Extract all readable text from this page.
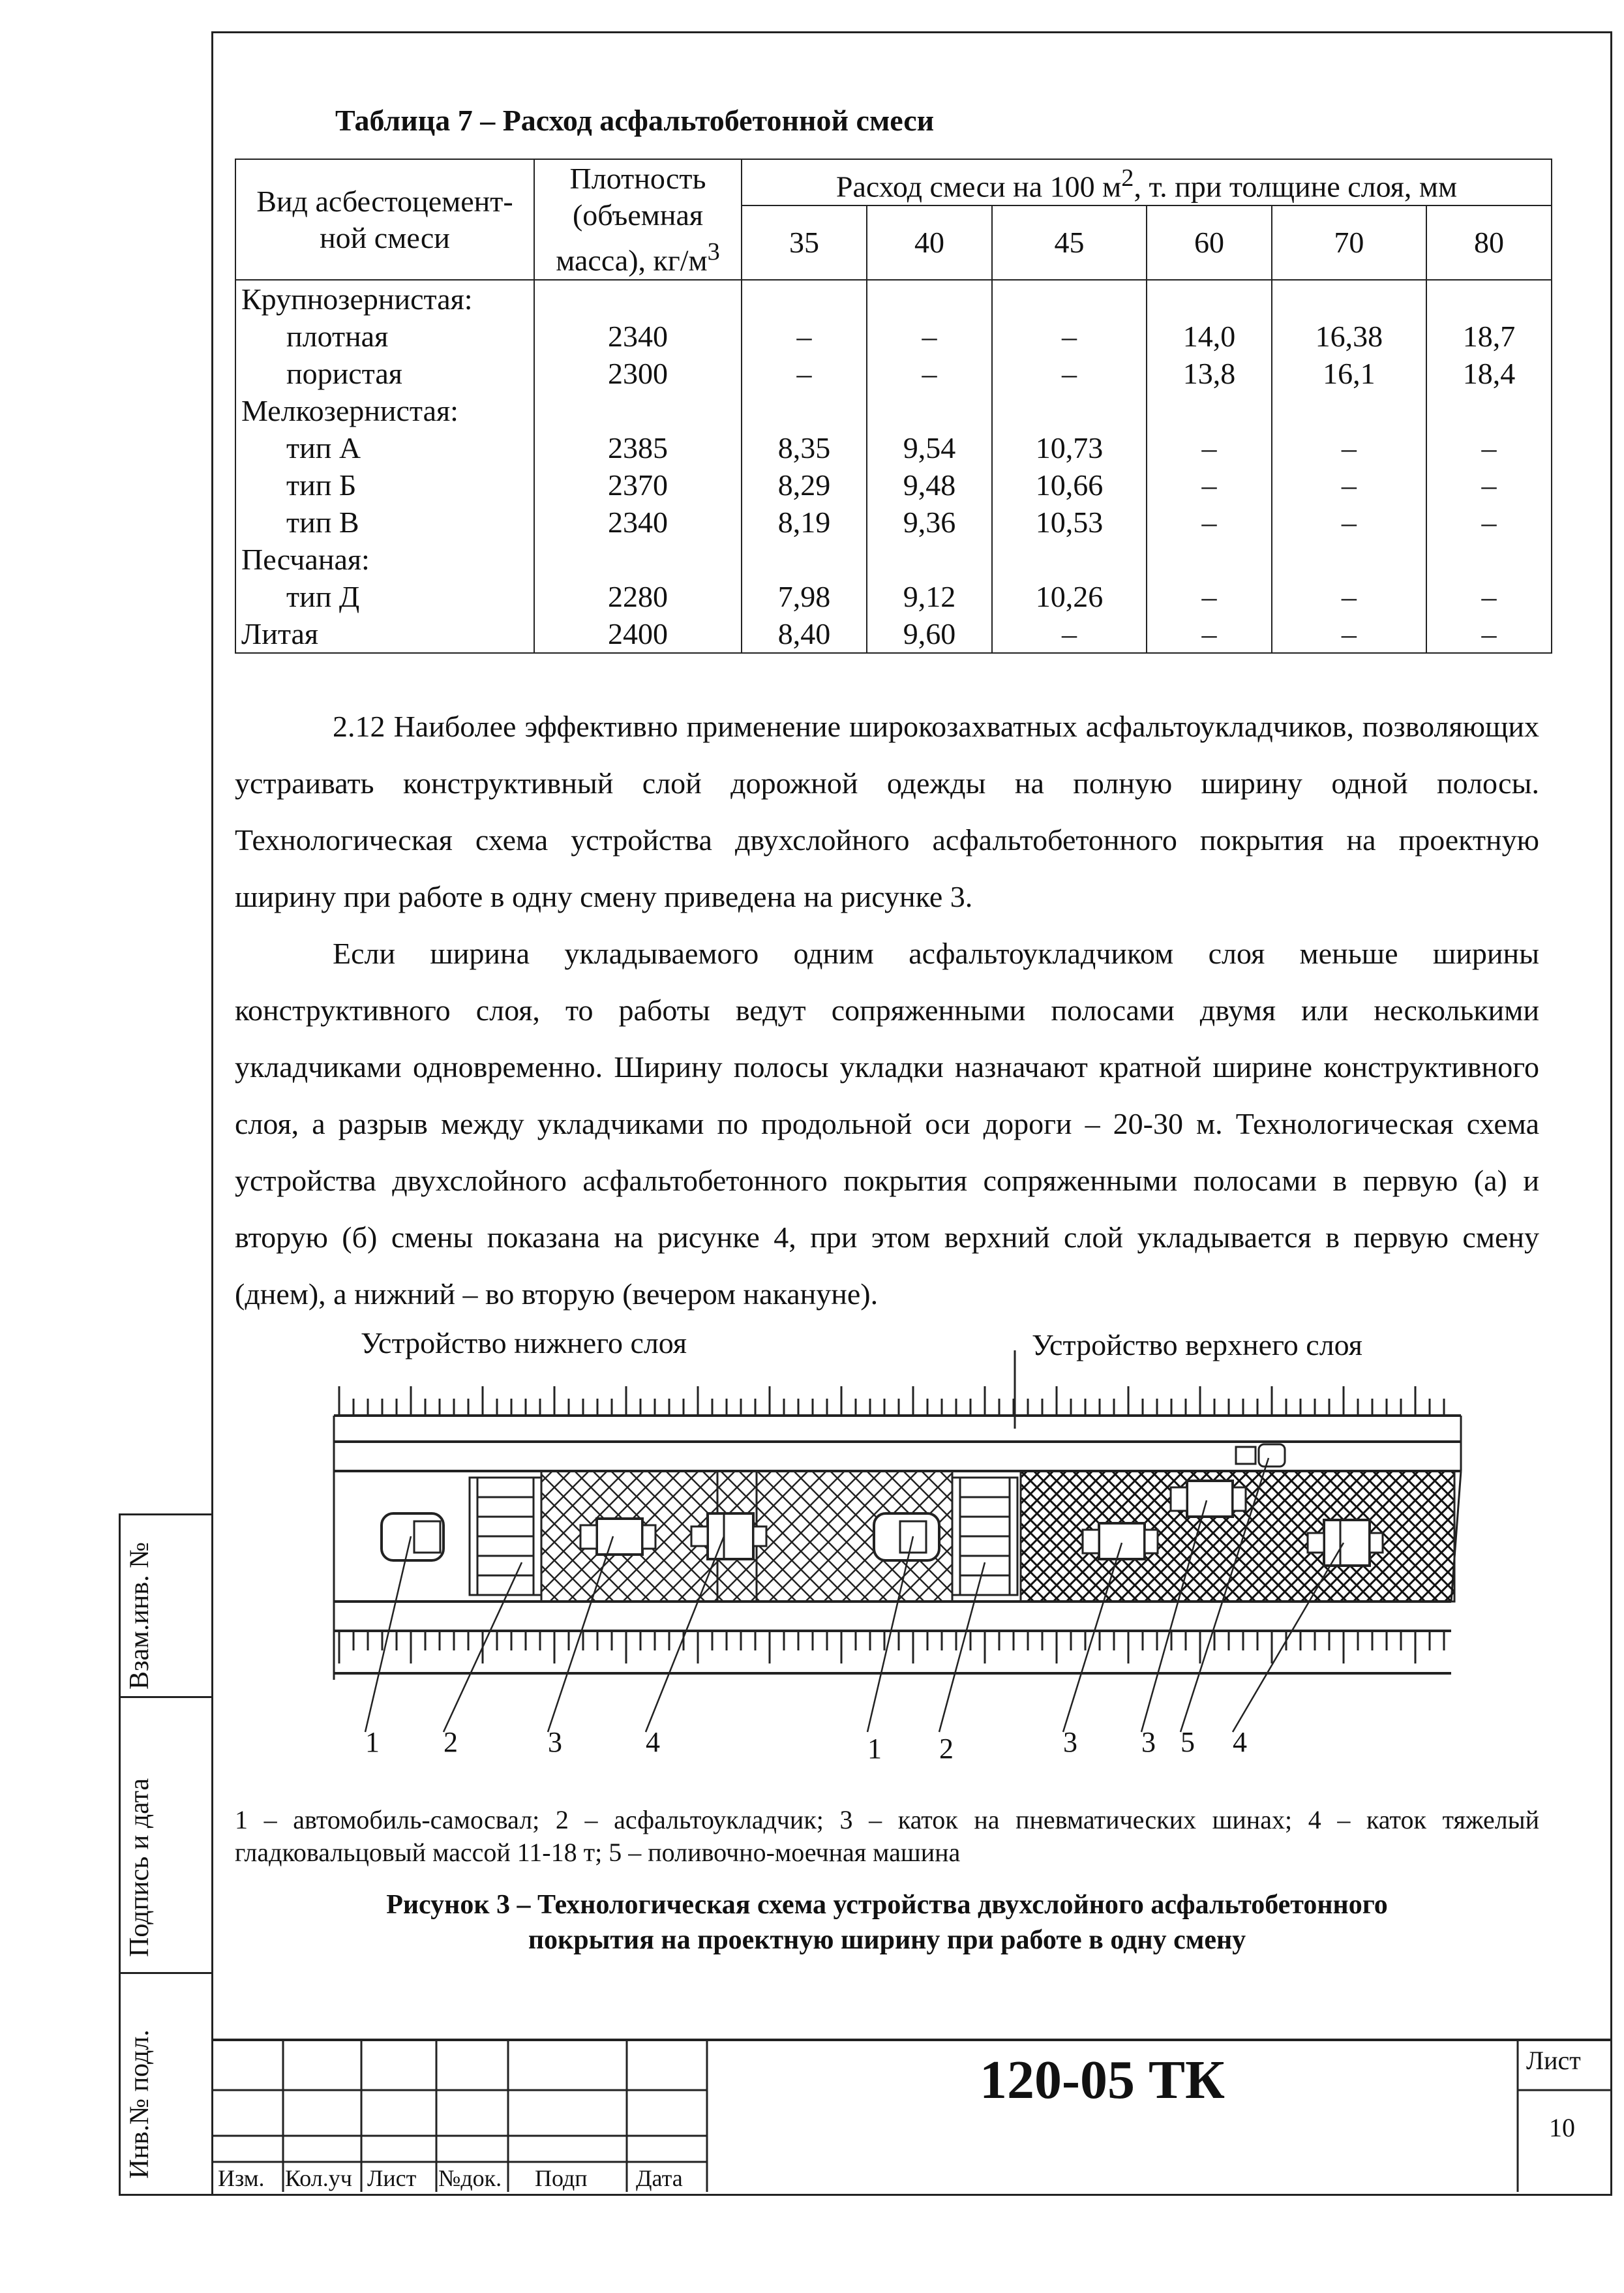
Взам.инв. №
Подпись и дата
Инв.№ подл.
Таблица 7 – Расход асфальтобетонной смеси
Вид асбестоцемент-
ной смеси	Плотность
(объемная
масса), $кг/м^3$	Расход смеси на 100 $м^2$, т. при толщине слоя, мм					
		35	40	45	60	70	80
Крупнозернистая:							
плотная	2340	–	–	–	14,0	16,38	18,7
пористая	2300	–	–	–	13,8	16,1	18,4
Мелкозернистая:							
тип А	2385	8,35	9,54	10,73	–	–	–
тип Б	2370	8,29	9,48	10,66	–	–	–
тип В	2340	8,19	9,36	10,53	–	–	–
Песчаная:							
тип Д	2280	7,98	9,12	10,26	–	–	–
Литая	2400	8,40	9,60	–	–	–	–
2.12 Наиболее эффективно применение широкозахватных асфальтоукладчиков, позволяющих устраивать конструктивный слой дорожной одежды на полную ширину одной полосы. Технологическая схема устройства двухслойного асфальтобетонного покрытия на проектную ширину при работе в одну смену приведена на рисунке 3.
Если ширина укладываемого одним асфальтоукладчиком слоя меньше ширины конструктивного слоя, то работы ведут сопряженными полосами двумя или несколькими укладчиками одновременно. Ширину полосы укладки назначают кратной ширине конструктивного слоя, а разрыв между укладчиками по продольной оси дороги – 20-30 м. Технологическая схема устройства двухслойного асфальтобетонного покрытия сопряженными полосами в первую (а) и вторую (б) смены показана на рисунке 4, при этом верхний слой укладывается в первую смену (днем), а нижний – во вторую (вечером накануне).
Устройство нижнего слоя	Устройство верхнего слоя
1 2	3	4	1 2	3 3 5 4
1 – автомобиль-самосвал; 2 – асфальтоукладчик; 3 – каток на пневматических шинах; 4 – каток тяжелый гладковальцовый массой 11-18 т; 5 – поливочно-моечная машина
Рисунок 3 – Технологическая схема устройства двухслойного асфальтобетонного
покрытия на проектную ширину при работе в одну смену
Изм. Кол.уч Лист №док. Подп Дата
120-05 ТК	Лист
10
